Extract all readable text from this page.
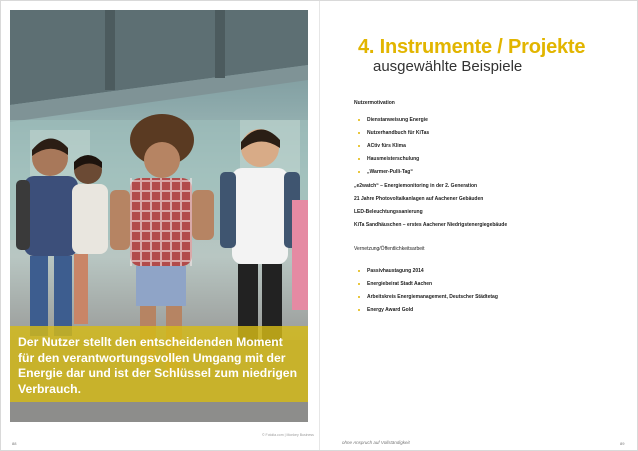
Der Nutzer stellt den entscheidenden Moment
für den verantwortungsvollen Umgang mit der
Energie dar und ist der Schlüssel zum niedrigen
Verbrauch.
© Fotolia.com | Monkey Business
88
4. Instrumente / Projekte
ausgewählte Beispiele
Nutzermotivation
Dienstanweisung Energie
Nutzerhandbuch für KiTas
ACtiv fürs Klima
Hausmeisterschulung
„Warmer-Pulli-Tag“
„e2watch“ – Energiemonitoring in der 2. Generation
21 Jahre Photovoltaikanlagen auf Aachener Gebäuden
LED-Beleuchtungssanierung
KiTa Sandhäuschen – erstes Aachener Niedrigstenergiegebäude
Vernetzung/Öffentlichkeitsarbeit
Passivhaustagung 2014
Energiebeirat Stadt Aachen
Arbeitskreis Energiemanagement, Deutscher Städtetag
Energy Award Gold
ohne Anspruch auf Vollständigkeit	89
